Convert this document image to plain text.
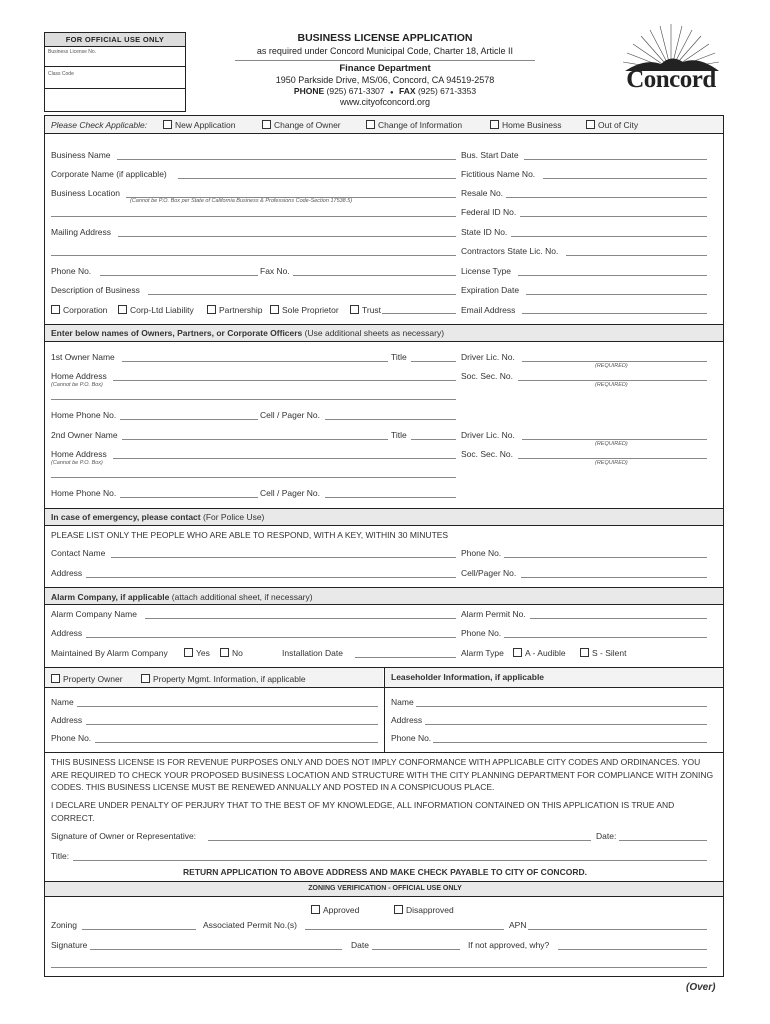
FOR OFFICIAL USE ONLY
Business License No.
Class Code
BUSINESS LICENSE APPLICATION
as required under Concord Municipal Code, Charter 18, Article II
Finance Department
1950 Parkside Drive, MS/06, Concord, CA 94519-2578
PHONE (925) 671-3307 ● FAX (925) 671-3353
www.cityofconcord.org
Concord
Please Check Applicable:	New Application	Change of Owner	Change of Information	Home Business	Out of City
Business Name	Bus. Start Date
Corporate Name (if applicable)	Fictitious Name No.
Business Location
(Cannot be P.O. Box per State of California Business & Professions Code-Section 17538.5)
Resale No.
Federal ID No.
Mailing Address	State ID No.
Contractors State Lic. No.
Phone No.	Fax No.	License Type
Description of Business	Expiration Date
Corporation	Corp-Ltd Liability	Partnership	Sole Proprietor	Trust	Email Address
Enter below names of Owners, Partners, or Corporate Officers (Use additional sheets as necessary)
1st Owner Name	Title	Driver Lic. No.
(REQUIRED)
Home Address
(Cannot be P.O. Box)
Soc. Sec. No.
(REQUIRED)
Home Phone No.	Cell / Pager No.
2nd Owner Name	Title	Driver Lic. No.
(REQUIRED)
Home Address
(Cannot be P.O. Box)
Soc. Sec. No.
(REQUIRED)
Home Phone No.	Cell / Pager No.
In case of emergency, please contact (For Police Use)
PLEASE LIST ONLY THE PEOPLE WHO ARE ABLE TO RESPOND, WITH A KEY, WITHIN 30 MINUTES
Contact Name	Phone No.
Address	Cell/Pager No.
Alarm Company, if applicable (attach additional sheet, if necessary)
Alarm Company Name	Alarm Permit No.
Address	Phone No.
Maintained By Alarm Company	Yes	No	Installation Date	Alarm Type	A - Audible	S - Silent
Property Owner	Property Mgmt. Information, if applicable	Leaseholder Information, if applicable
Name	Name
Address	Address
Phone No.	Phone No.
THIS BUSINESS LICENSE IS FOR REVENUE PURPOSES ONLY AND DOES NOT IMPLY CONFORMANCE WITH APPLICABLE CITY CODES AND ORDINANCES. YOU ARE REQUIRED TO CHECK YOUR PROPOSED BUSINESS LOCATION AND STRUCTURE WITH THE CITY PLANNING DEPARTMENT FOR COMPLIANCE WITH ZONING CODES. THIS BUSINESS LICENSE MUST BE RENEWED ANNUALLY AND POSTED IN A CONSPICUOUS PLACE.
I DECLARE UNDER PENALTY OF PERJURY THAT TO THE BEST OF MY KNOWLEDGE, ALL INFORMATION CONTAINED ON THIS APPLICATION IS TRUE AND CORRECT.
Signature of Owner or Representative:	Date:
Title:
RETURN APPLICATION TO ABOVE ADDRESS AND MAKE CHECK PAYABLE TO CITY OF CONCORD.
ZONING VERIFICATION - OFFICIAL USE ONLY
Approved	Disapproved
Zoning	Associated Permit No.(s)	APN
Signature	Date	If not approved, why?
(Over)
